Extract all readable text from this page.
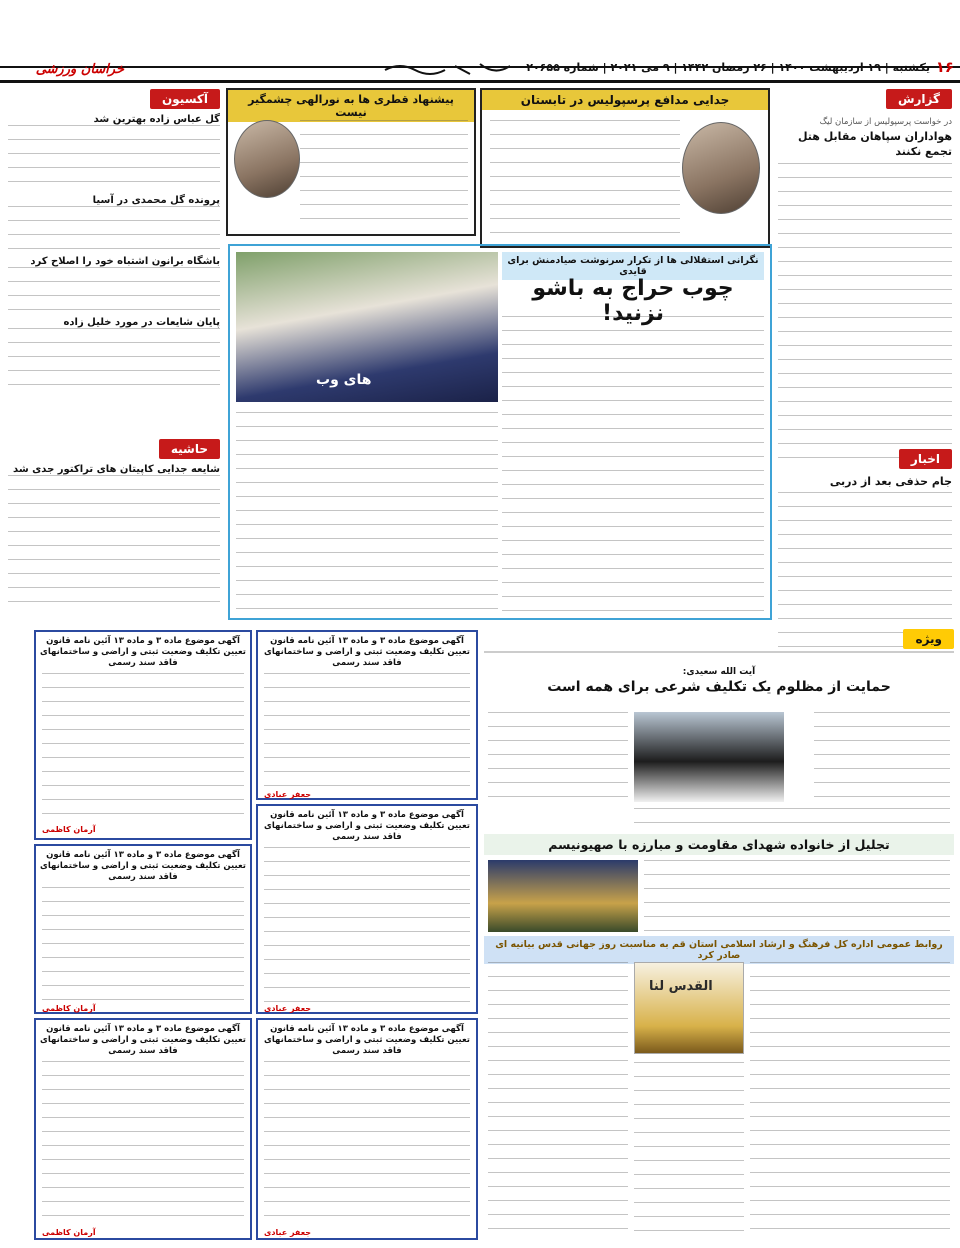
۱۶
یکشنبه | ۱۹ اردیبهشت ۱۴۰۰ | ۲۶ رمضان ۱۴۴۲ | ۹ می ۲۰۲۱ | شماره ۲۰۶۵۵
خراسان ورزشی
گزارش
در خواست پرسپولیس از سازمان لیگ
هواداران سپاهان مقابل هتل تجمع نکنند
اخبار
جام حذفی بعد از دربی
جدایی مدافع پرسپولیس در تابستان
پیشنهاد قطری ها به نورالهی چشمگیر نیست
آکسیون
گل عباس زاده بهترین شد
پرونده گل محمدی در آسیا
باشگاه برانون اشتباه خود را اصلاح کرد
پایان شایعات در مورد خلیل زاده
حاشیه
شایعه جدایی کاپیتان های تراکتور جدی شد
نگرانی استقلالی ها از تکرار سرنوشت صیادمنش برای قایدی
چوب حراج به باشو نزنید!
های وب
ویژه
آیت الله سعیدی:
حمایت از مظلوم یک تکلیف شرعی برای همه است
تجلیل از خانواده شهدای مقاومت و مبارزه با صهیونیسم
روابط عمومی اداره کل فرهنگ و ارشاد اسلامی استان قم به مناسبت روز جهانی قدس بیانیه ای صادر کرد
القدس لنا
آگهی موضوع ماده ۳ و ماده ۱۳ آئین نامه قانون تعیین تکلیف وضعیت ثبتی و اراضی و ساختمانهای فاقد سند رسمی
آرمان کاظمی
آگهی موضوع ماده ۳ و ماده ۱۳ آئین نامه قانون تعیین تکلیف وضعیت ثبتی و اراضی و ساختمانهای فاقد سند رسمی
آرمان کاظمی
آگهی موضوع ماده ۳ و ماده ۱۳ آئین نامه قانون تعیین تکلیف وضعیت ثبتی و اراضی و ساختمانهای فاقد سند رسمی
آرمان کاظمی
آگهی موضوع ماده ۳ و ماده ۱۳ آئین نامه قانون تعیین تکلیف وضعیت ثبتی و اراضی و ساختمانهای فاقد سند رسمی
جعفر عبادی
آگهی موضوع ماده ۳ و ماده ۱۳ آئین نامه قانون تعیین تکلیف وضعیت ثبتی و اراضی و ساختمانهای فاقد سند رسمی
جعفر عبادی
آگهی موضوع ماده ۳ و ماده ۱۳ آئین نامه قانون تعیین تکلیف وضعیت ثبتی و اراضی و ساختمانهای فاقد سند رسمی
جعفر عبادی
